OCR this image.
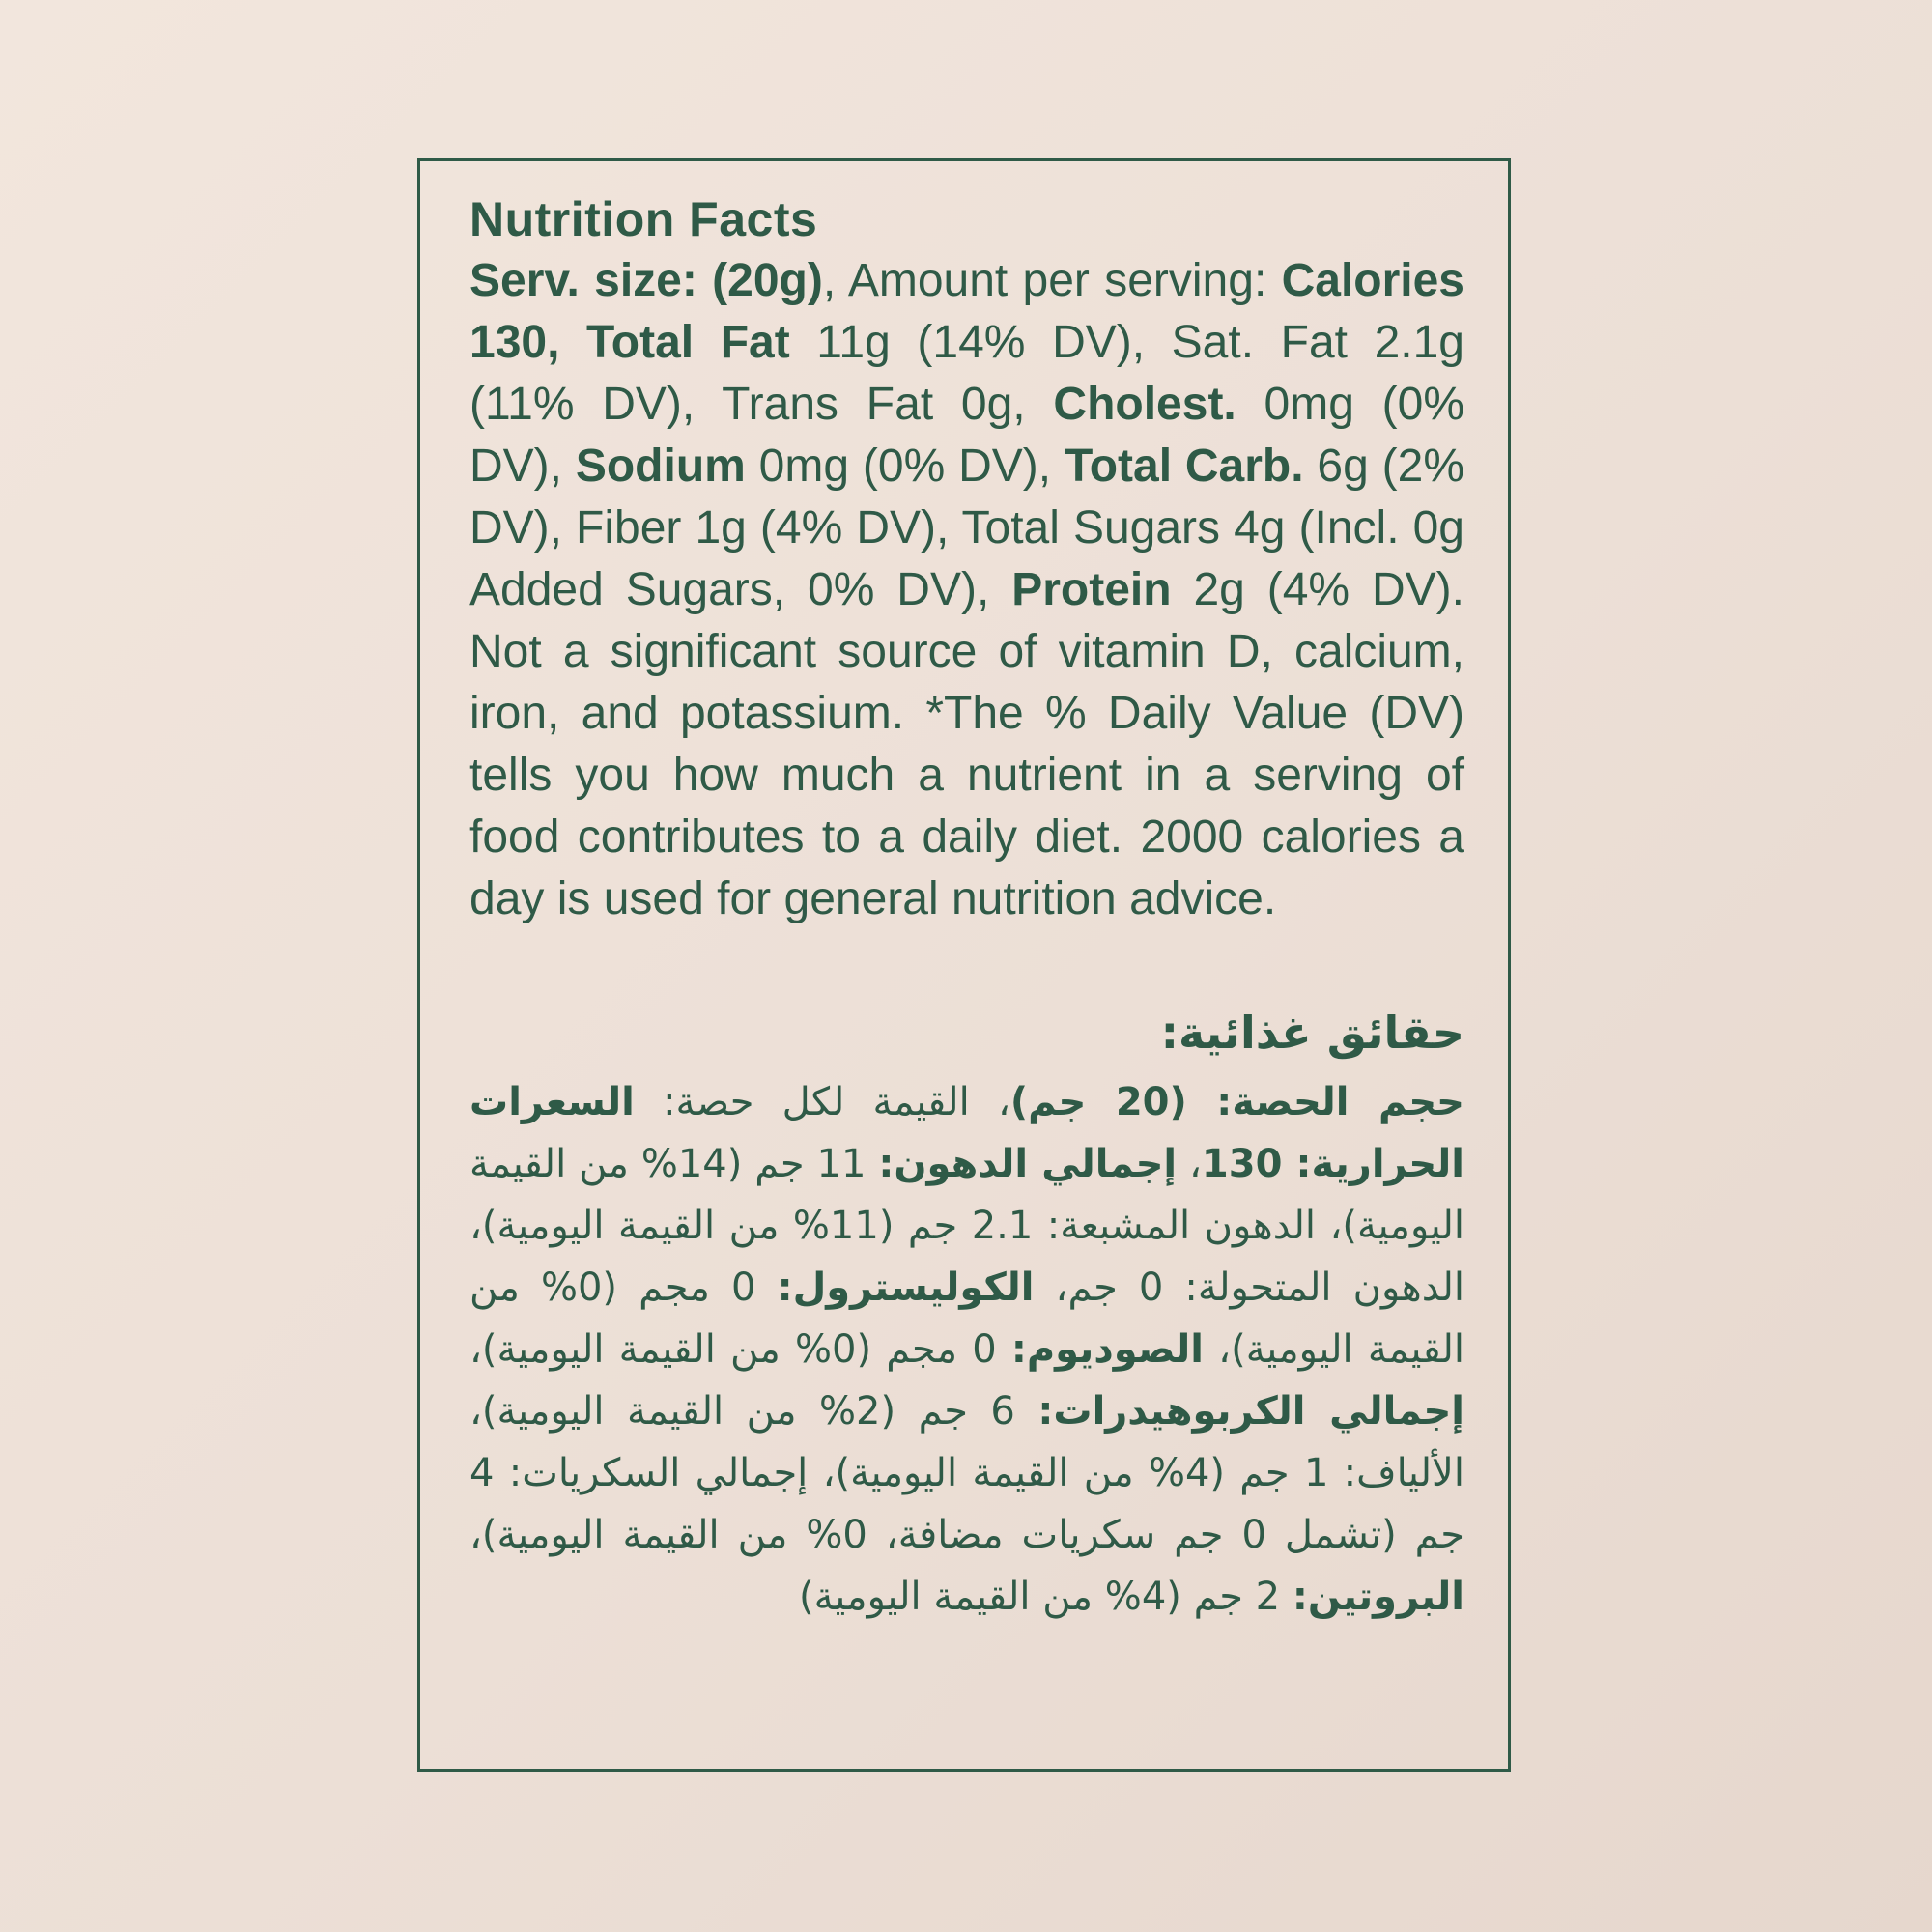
Nutrition Facts
Serv. size: (20g), Amount per serving: Calories 130, Total Fat 11g (14% DV), Sat. Fat 2.1g (11% DV), Trans Fat 0g, Cholest. 0mg (0% DV), Sodium 0mg (0% DV), Total Carb. 6g (2% DV), Fiber 1g (4% DV), Total Sugars 4g (Incl. 0g Added Sugars, 0% DV), Protein 2g (4% DV). Not a significant source of vitamin D, calcium, iron, and potassium. *The % Daily Value (DV) tells you how much a nutrient in a serving of food contributes to a daily diet. 2000 calories a day is used for general nutrition advice.

حقائق غذائية:

حجم الحصة: (20 جم)، القيمة لكل حصة: السعرات الحرارية: 130، إجمالي الدهون: 11 جم (14% من القيمة اليومية)، الدهون المشبعة: 2.1 جم (11% من القيمة اليومية)، الدهون المتحولة: 0 جم، الكوليسترول: 0 مجم (0% من القيمة اليومية)، الصوديوم: 0 مجم (0% من القيمة اليومية)، إجمالي الكربوهيدرات: 6 جم (2% من القيمة اليومية)، الألياف: 1 جم (4% من القيمة اليومية)، إجمالي السكريات: 4 جم (تشمل 0 جم سكريات مضافة، 0% من القيمة اليومية)، البروتين: 2 جم (4% من القيمة اليومية)
